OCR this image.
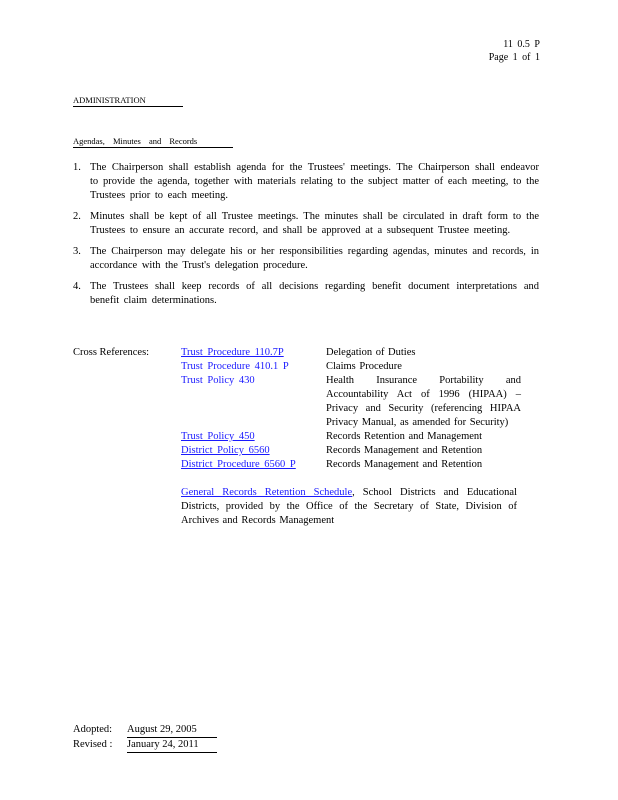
11 0.5 P
Page 1 of 1
ADMINISTRATION
Agendas, Minutes and Records
1. The Chairperson shall establish agenda for the Trustees' meetings. The Chairperson shall endeavor to provide the agenda, together with materials relating to the subject matter of each meeting, to the Trustees prior to each meeting.
2. Minutes shall be kept of all Trustee meetings. The minutes shall be circulated in draft form to the Trustees to ensure an accurate record, and shall be approved at a subsequent Trustee meeting.
3. The Chairperson may delegate his or her responsibilities regarding agendas, minutes and records, in accordance with the Trust's delegation procedure.
4. The Trustees shall keep records of all decisions regarding benefit document interpretations and benefit claim determinations.
Cross References:	Trust Procedure 110.7P	Delegation of Duties
Trust Procedure 410.1 P	Claims Procedure
Trust Policy 430	Health Insurance Portability and Accountability Act of 1996 (HIPAA) – Privacy and Security (referencing HIPAA Privacy Manual, as amended for Security)
Trust Policy 450	Records Retention and Management
District Policy 6560	Records Management and Retention
District Procedure 6560 P	Records Management and Retention
General Records Retention Schedule, School Districts and Educational Districts, provided by the Office of the Secretary of State, Division of Archives and Records Management
Adopted:	August 29, 2005
Revised :	January 24, 2011
